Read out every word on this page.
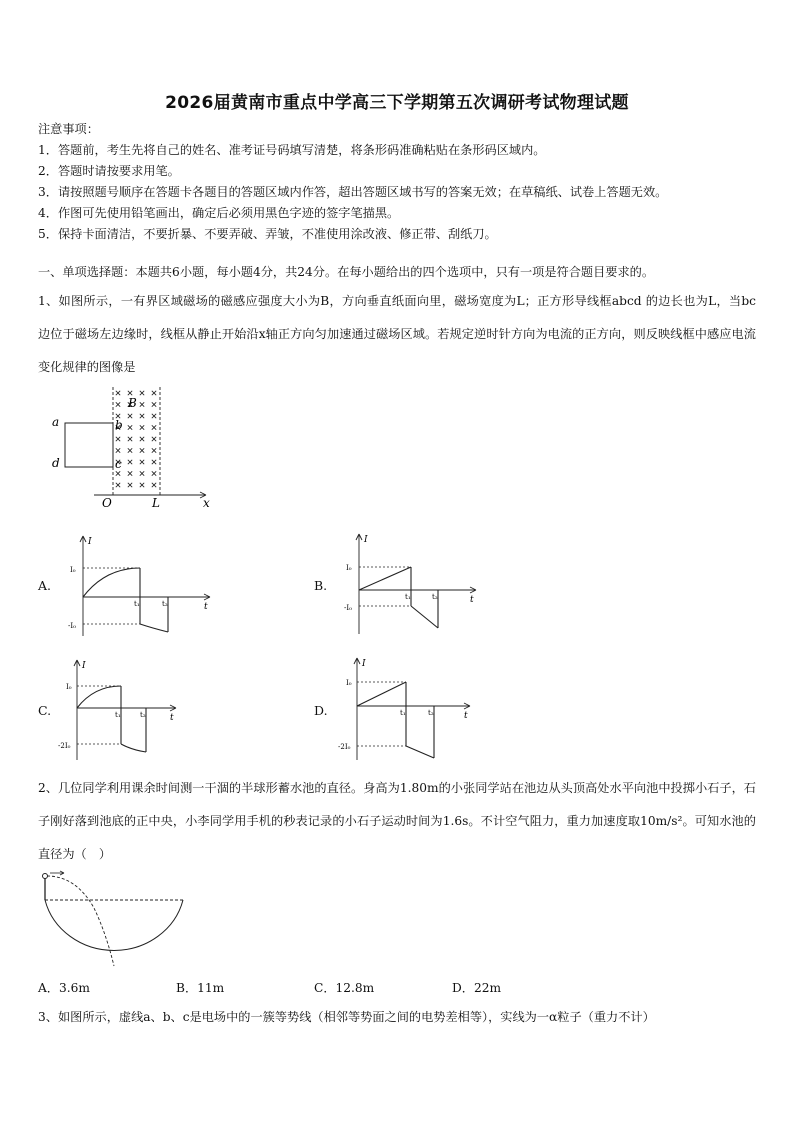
2026届黄南市重点中学高三下学期第五次调研考试物理试题
注意事项：
1．答题前，考生先将自己的姓名、准考证号码填写清楚，将条形码准确粘贴在条形码区域内。
2．答题时请按要求用笔。
3．请按照题号顺序在答题卡各题目的答题区域内作答，超出答题区域书写的答案无效；在草稿纸、试卷上答题无效。
4．作图可先使用铅笔画出，确定后必须用黑色字迹的签字笔描黑。
5．保持卡面清洁，不要折暴、不要弄破、弄皱，不准使用涂改液、修正带、刮纸刀。
一、单项选择题：本题共6小题，每小题4分，共24分。在每小题给出的四个选项中，只有一项是符合题目要求的。
1、如图所示，一有界区域磁场的磁感应强度大小为B，方向垂直纸面向里，磁场宽度为L；正方形导线框abcd 的边长也为L，当bc 边位于磁场左边缘时，线框从静止开始沿x轴正方向匀加速通过磁场区域。若规定逆时针方向为电流的正方向，则反映线框中感应电流变化规律的图像是
B
a	b
c
d
O	L	x
A.
I
t
I₀
-I₀
t₁	t₂
B.
I
t
I₀
-I₀
t₁	t₂
C.
I
t
I₀
-2I₀
t₁	t₂	D.
I
t
I₀
-2I₀
t₁	t₂
2、几位同学利用课余时间测一干涸的半球形蓄水池的直径。身高为1.80m的小张同学站在池边从头顶高处水平向池中投掷小石子，石子刚好落到池底的正中央，小李同学用手机的秒表记录的小石子运动时间为1.6s。不计空气阻力，重力加速度取10m/s²。可知水池的直径为（　）
A．3.6m	B．11m	C．12.8m	D．22m
3、如图所示，虚线a、b、c是电场中的一簇等势线（相邻等势面之间的电势差相等），实线为一α粒子（重力不计）
